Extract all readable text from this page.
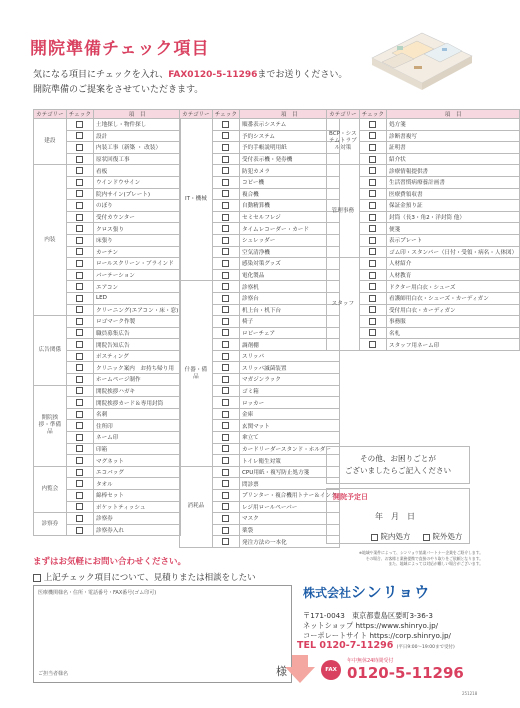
開院準備チェック項目
気になる項目にチェックを入れ、FAX0120-5-11296までお送りください。
開院準備のご提案をさせていただきます。
カテゴリー	チェック	項　目
建設		土地探し・物件探し
		設計
		内装工事（新築 ・ 改装）
		原状回復工事
内装		看板
		ウインドウサイン
		院内サイン(プレート)
		のぼり
		受付カウンター
		クロス張り
		床張り
		カーテン
		ロールスクリーン・ブラインド
		パーテーション
		エアコン
		LED
		クリーニング(エアコン・床・窓)
広告関係		ロゴマーク作製
		職員募集広告
		開院告知広告
		ポスティング
		クリニック案内　お持ち帰り用
		ホームページ制作
開院挨拶・準備品		開院挨拶ハガキ
		開院挨拶カード＆専用封筒
		名刺
		住所印
		ネーム印
		印箱
		マグネット
内覧会		エコバッグ
		タオル
		綿棒セット
		ポケットティッシュ
診察券		診察券
		診察券入れ
カテゴリー	チェック	項　目
IT・機械		順番表示システム
		予約システム
		予約手帳説明用紙
		受付表示機・発券機
		防犯カメラ
		コピー機
		複合機
		自動精算機
		セミセルフレジ
		タイムレコーダー・カード
		シュレッダー
		空気清浄機
		感染対策グッズ
		電化製品
什器・備品		診察机
		診察台
		机上台・机下台
		椅子
		ロビーチェア
		調剤棚
		スリッパ
		スリッパ滅菌装置
		マガジンラック
		ゴミ箱
		ロッカー
		金庫
		玄関マット
		傘立て
		カードリーダースタンド・ホルダー
		トイレ衛生対策
消耗品		CPU用紙・複写防止処方箋
		問診票
		プリンター・複合機用トナー＆インク
		レジ用ロールペーパー
		マスク
		薬袋
		発注方法の一本化
カテゴリー	チェック	項　目
BCP・システムトラブル対策		処方箋
		診断書複写
		証明書
		紹介状
管理事務		診療情報提供書
		生活習慣病療養計画書
		医療費領収書
		保証金預り証
		封筒（長3・角2・洋封筒 他）
		便箋
		表示プレート
		ゴム印・スタンパー（日付・受領・病名・人体図）
スタッフ		人材紹介
		人材教育
		ドクター用白衣・シューズ
		看護師用白衣・シューズ・カーディガン
		受付用白衣・カーディガン
		事務服
		名札
		スタッフ用ネーム印
その他、お困りごとが
ございましたらご記入ください
開院予定日
年　月　日
院内処方	院外処方
※地域や案件によって、シンリョウ協業パートナー企業をご紹介します。
その場合、お客様と業務提携で直接のやり取りをご依頼となります。
また、地域によっては対応が難しい場合がございます。
まずはお気軽にお問い合わせください。
上記チェック項目について、見積りまたは相談をしたい
医療機関様名・住所・電話番号・FAX番号(ゴム印可)
ご担当者様名	様
株式会社シンリョウ
〒171-0043　東京都豊島区要町3-36-3
ネットショップ https://www.shinryo.jp/
コーポレートサイト https://corp.shinryo.jp/
TEL 0120-7-11296 (平日9:00～19:00まで受付)
FAX
年中無休24時間受付
0120-5-11296
251218
